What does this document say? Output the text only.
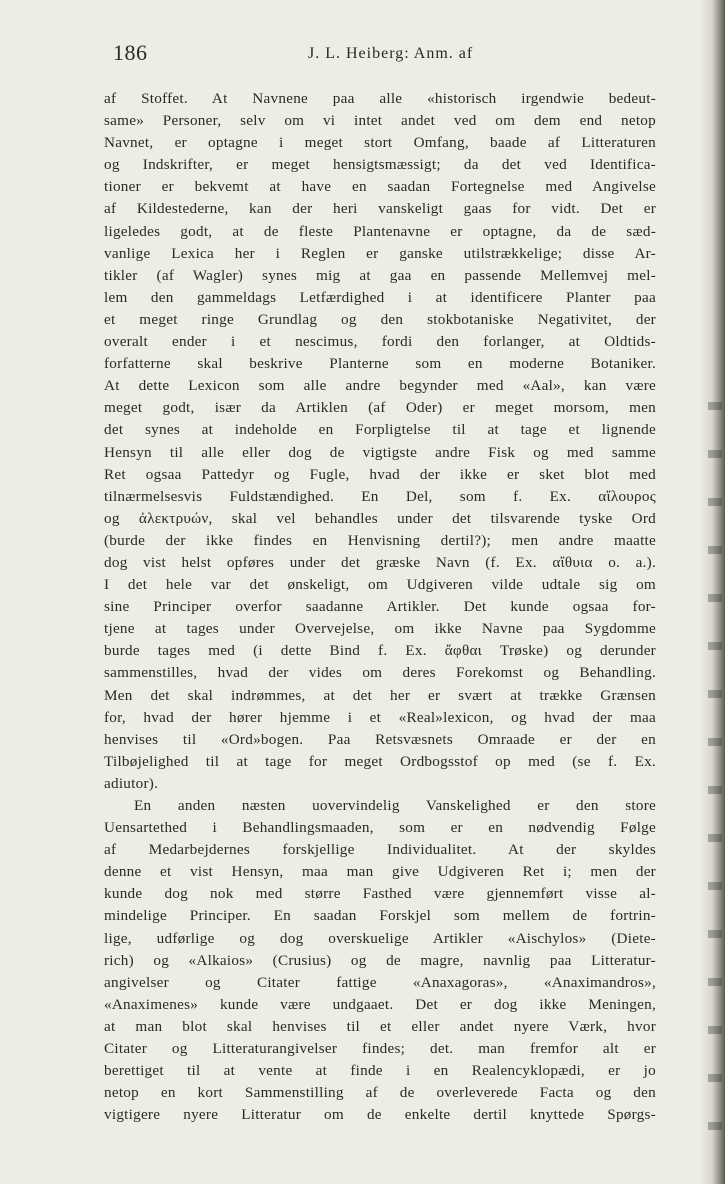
186	J. L. Heiberg: Anm. af
af Stoffet. At Navnene paa alle «historisch irgendwie bedeut-
same» Personer, selv om vi intet andet ved om dem end netop
Navnet, er optagne i meget stort Omfang, baade af Litteraturen
og Indskrifter, er meget hensigtsmæssigt; da det ved Identifica-
tioner er bekvemt at have en saadan Fortegnelse med Angivelse
af Kildestederne, kan der heri vanskeligt gaas for vidt. Det er
ligeledes godt, at de fleste Plantenavne er optagne, da de sæd-
vanlige Lexica her i Reglen er ganske utilstrækkelige; disse Ar-
tikler (af Wagler) synes mig at gaa en passende Mellemvej mel-
lem den gammeldags Letfærdighed i at identificere Planter paa
et meget ringe Grundlag og den stokbotaniske Negativitet, der
overalt ender i et nescimus, fordi den forlanger, at Oldtids-
forfatterne skal beskrive Planterne som en moderne Botaniker.
At dette Lexicon som alle andre begynder med «Aal», kan være
meget godt, især da Artiklen (af Oder) er meget morsom, men
det synes at indeholde en Forpligtelse til at tage et lignende
Hensyn til alle eller dog de vigtigste andre Fisk og med samme
Ret ogsaa Pattedyr og Fugle, hvad der ikke er sket blot med
tilnærmelsesvis Fuldstændighed. En Del, som f. Ex. αἴλουρος
og ἀλεκτρυών, skal vel behandles under det tilsvarende tyske Ord
(burde der ikke findes en Henvisning dertil?); men andre maatte
dog vist helst opføres under det græske Navn (f. Ex. αἴθυια o. a.).
I det hele var det ønskeligt, om Udgiveren vilde udtale sig om
sine Principer overfor saadanne Artikler. Det kunde ogsaa for-
tjene at tages under Overvejelse, om ikke Navne paa Sygdomme
burde tages med (i dette Bind f. Ex. ἄφθαι Trøske) og derunder
sammenstilles, hvad der vides om deres Forekomst og Behandling.
Men det skal indrømmes, at det her er svært at trække Grænsen
for, hvad der hører hjemme i et «Real»lexicon, og hvad der maa
henvises til «Ord»bogen. Paa Retsvæsnets Omraade er der en
Tilbøjelighed til at tage for meget Ordbogsstof op med (se f. Ex.
adiutor).
En anden næsten uovervindelig Vanskelighed er den store
Uensartethed i Behandlingsmaaden, som er en nødvendig Følge
af Medarbejdernes forskjellige Individualitet. At der skyldes
denne et vist Hensyn, maa man give Udgiveren Ret i; men der
kunde dog nok med større Fasthed være gjennemført visse al-
mindelige Principer. En saadan Forskjel som mellem de fortrin-
lige, udførlige og dog overskuelige Artikler «Aischylos» (Diete-
rich) og «Alkaios» (Crusius) og de magre, navnlig paa Litteratur-
angivelser og Citater fattige «Anaxagoras», «Anaximandros»,
«Anaximenes» kunde være undgaaet. Det er dog ikke Meningen,
at man blot skal henvises til et eller andet nyere Værk, hvor
Citater og Litteraturangivelser findes; det. man fremfor alt er
berettiget til at vente at finde i en Realencyklopædi, er jo
netop en kort Sammenstilling af de overleverede Facta og den
vigtigere nyere Litteratur om de enkelte dertil knyttede Spørgs-
